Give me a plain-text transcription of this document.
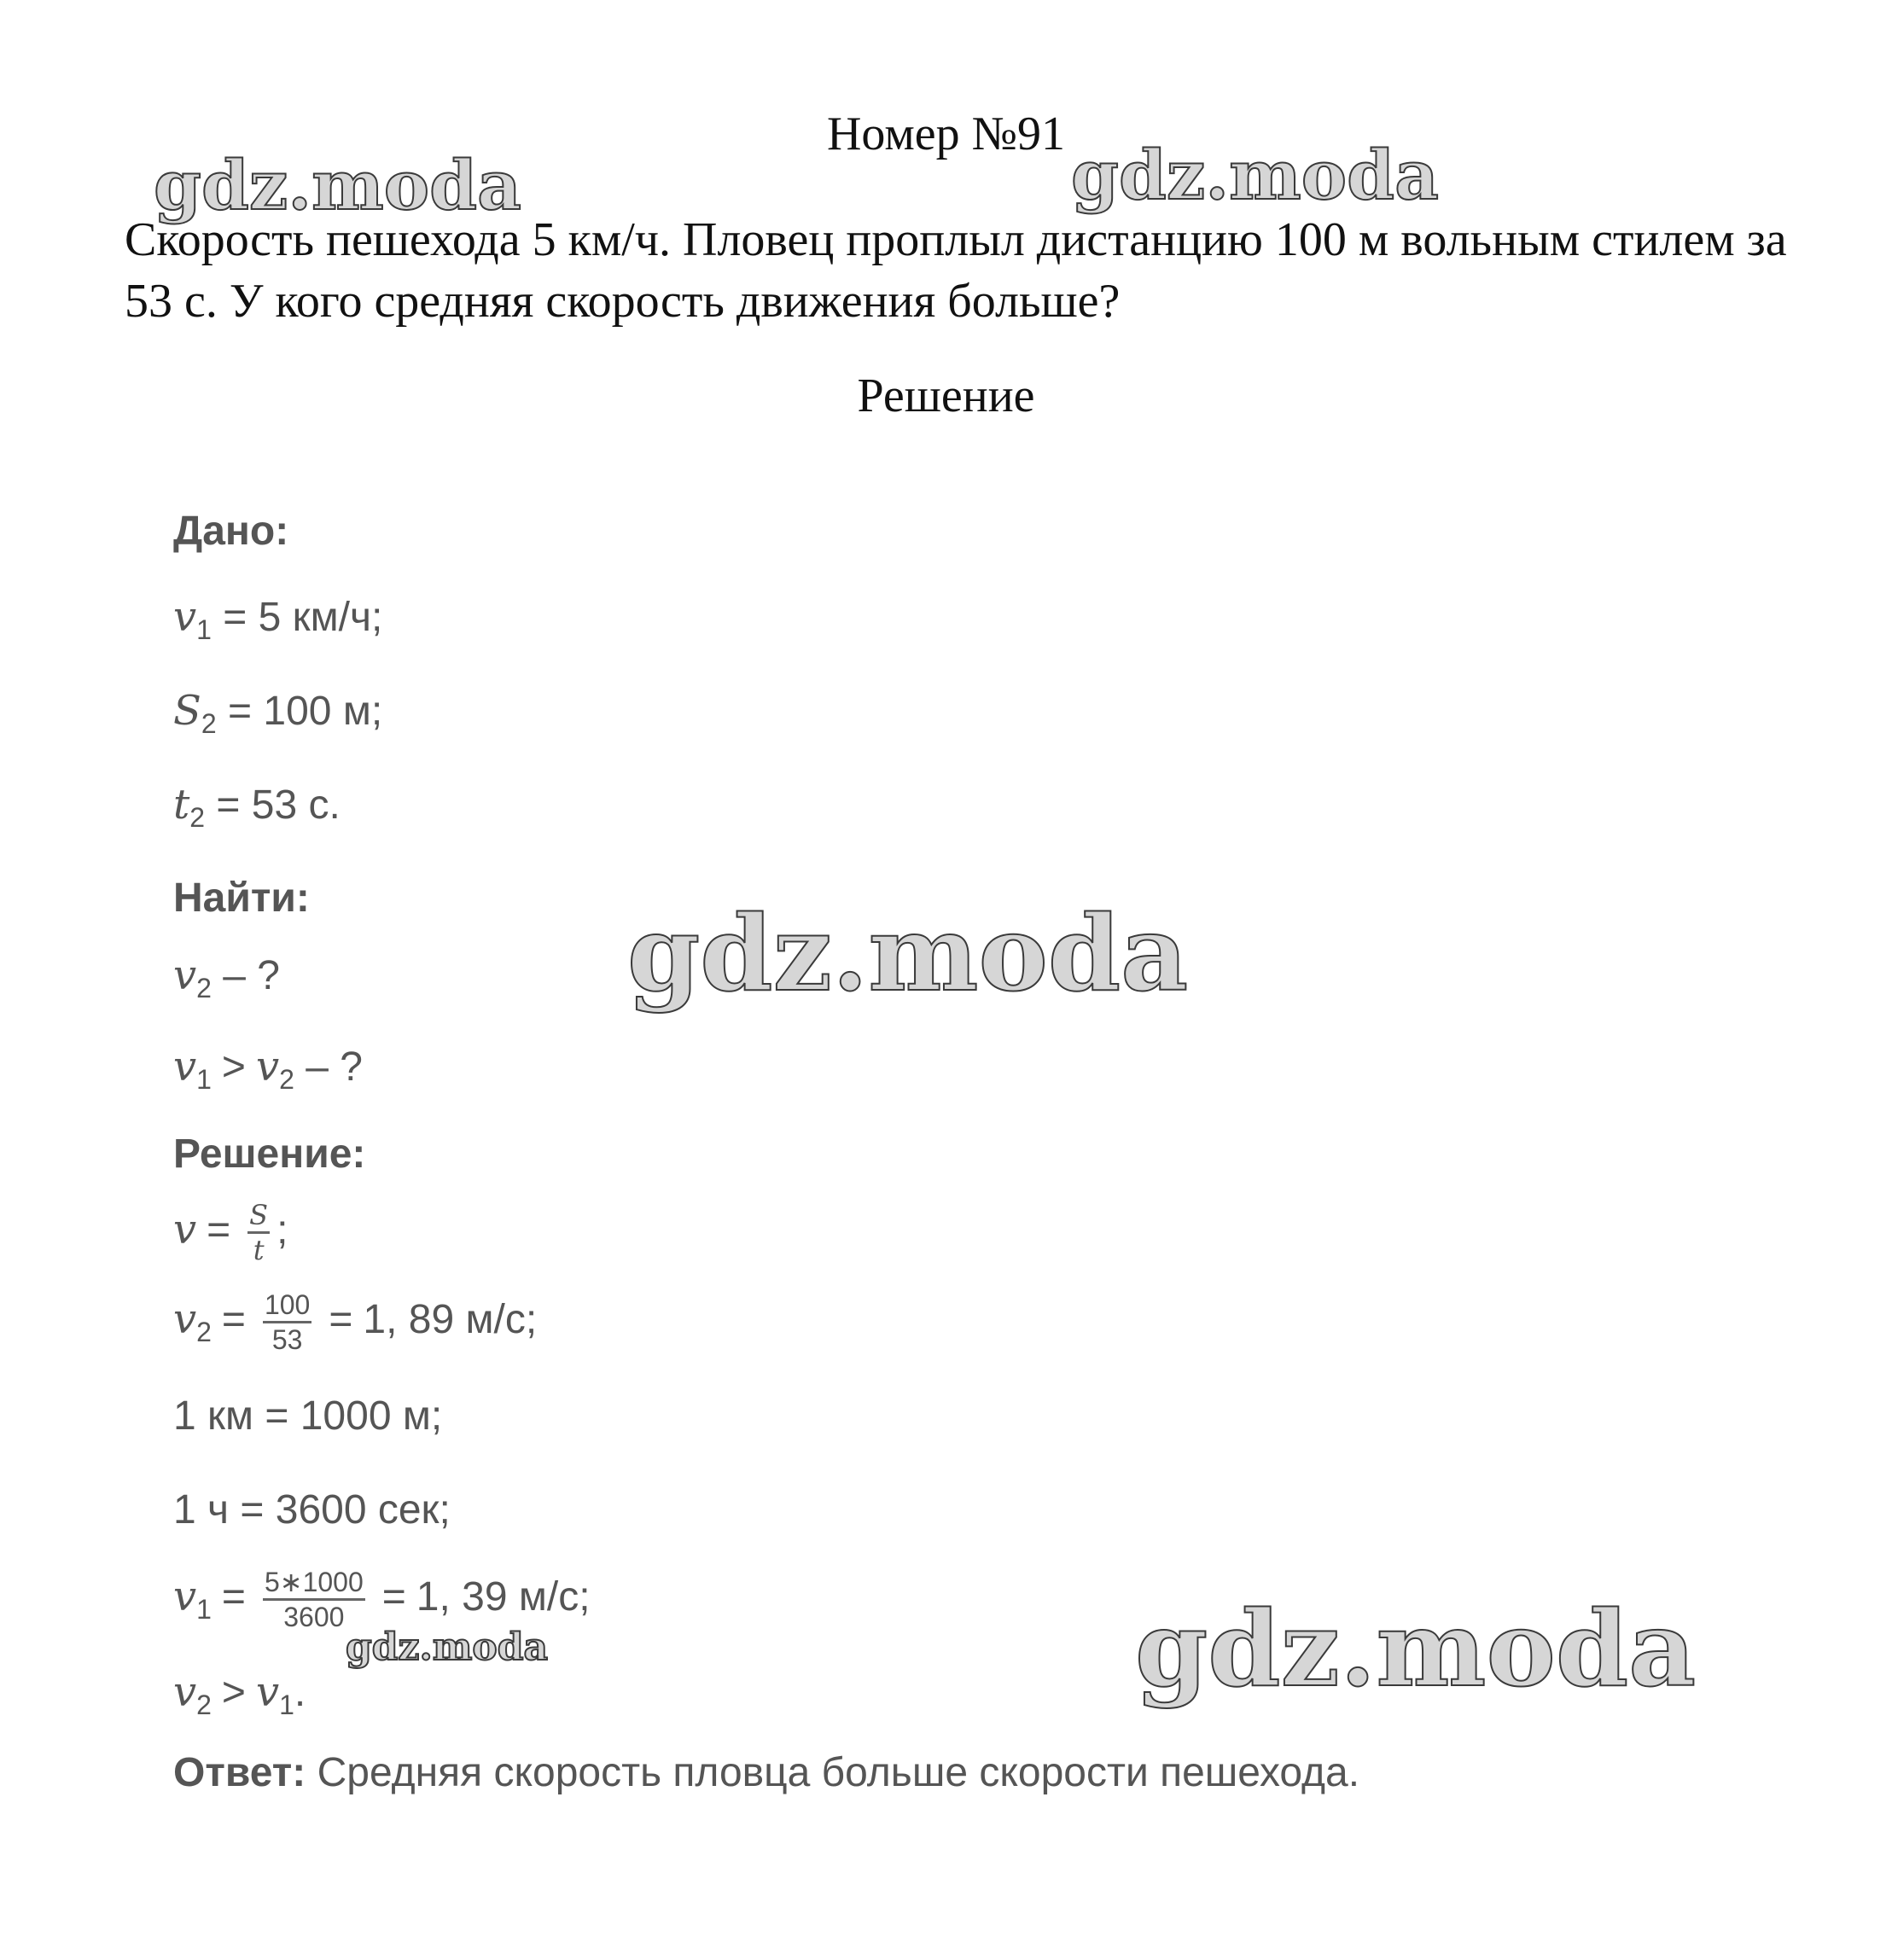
gdz.moda	gdz.moda
gdz.moda
gdz.moda	gdz.moda
Номер №91
Скорость пешехода 5 км/ч. Пловец проплыл дистанцию 100 м вольным стилем за 53 с. У кого средняя скорость движения больше?
Решение
Дано:
$v_1 = 5$ км/ч;
$S_2 = 100$ м;
$t_2 = 53$ с.
Найти:
$v_2$ – ?
$v_1 > v_2$ – ?
Решение:
$v = \frac{S}{t}$ ;
$v_2 = \frac{100}{53} = 1$, 89 м/с;
1 км = 1000 м;
1 ч = 3600 сек;
$v_1 = \frac{5∗1000}{3600} = 1$, 39 м/с;
$v_2 > v_1$.
Ответ: Средняя скорость пловца больше скорости пешехода.
